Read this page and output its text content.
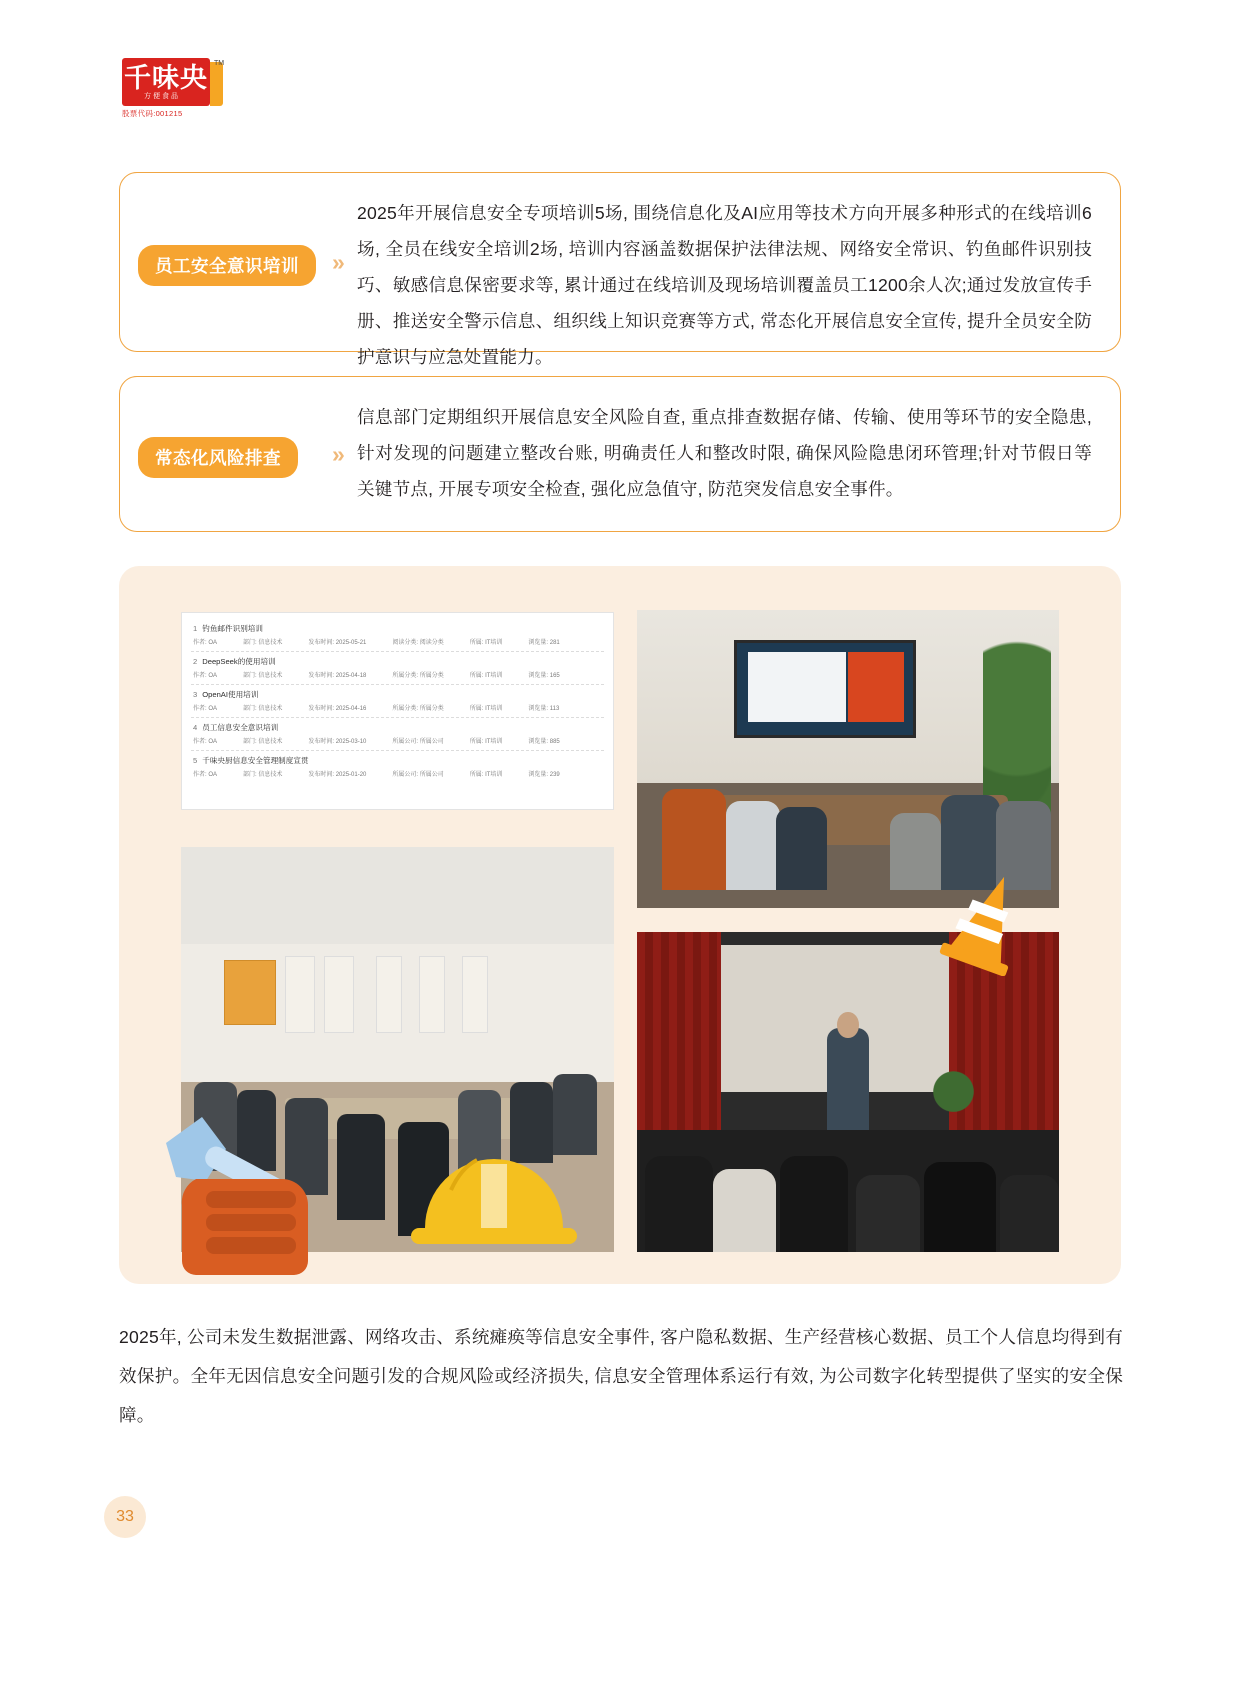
千味央
方便食品
TM
股票代码:001215
员工安全意识培训	»
2025年开展信息安全专项培训5场, 围绕信息化及AI应用等技术方向开展多种形式的在线培训6场, 全员在线安全培训2场, 培训内容涵盖数据保护法律法规、网络安全常识、钓鱼邮件识别技巧、敏感信息保密要求等, 累计通过在线培训及现场培训覆盖员工1200余人次;通过发放宣传手册、推送安全警示信息、组织线上知识竞赛等方式, 常态化开展信息安全宣传, 提升全员安全防护意识与应急处置能力。
常态化风险排查	»
信息部门定期组织开展信息安全风险自查, 重点排查数据存储、传输、使用等环节的安全隐患, 针对发现的问题建立整改台账, 明确责任人和整改时限, 确保风险隐患闭环管理;针对节假日等关键节点, 开展专项安全检查, 强化应急值守, 防范突发信息安全事件。
1 钓鱼邮件识别培训
作者: OA	部门: 信息技术	发布时间: 2025-05-21	阅读分类: 阅读分类	所属: IT培训	浏览量: 281
2 DeepSeek的使用培训
作者: OA	部门: 信息技术	发布时间: 2025-04-18	所属分类: 所属分类	所属: IT培训	浏览量: 165
3 OpenAI使用培训
作者: OA	部门: 信息技术	发布时间: 2025-04-16	所属分类: 所属分类	所属: IT培训	浏览量: 113
4 员工信息安全意识培训
作者: OA	部门: 信息技术	发布时间: 2025-03-10	所属公司: 所属公司	所属: IT培训	浏览量: 885
5 千味央厨信息安全管理制度宣贯
作者: OA	部门: 信息技术	发布时间: 2025-01-20	所属公司: 所属公司	所属: IT培训	浏览量: 239
2025年, 公司未发生数据泄露、网络攻击、系统瘫痪等信息安全事件, 客户隐私数据、生产经营核心数据、员工个人信息均得到有效保护。全年无因信息安全问题引发的合规风险或经济损失, 信息安全管理体系运行有效, 为公司数字化转型提供了坚实的安全保障。
33
